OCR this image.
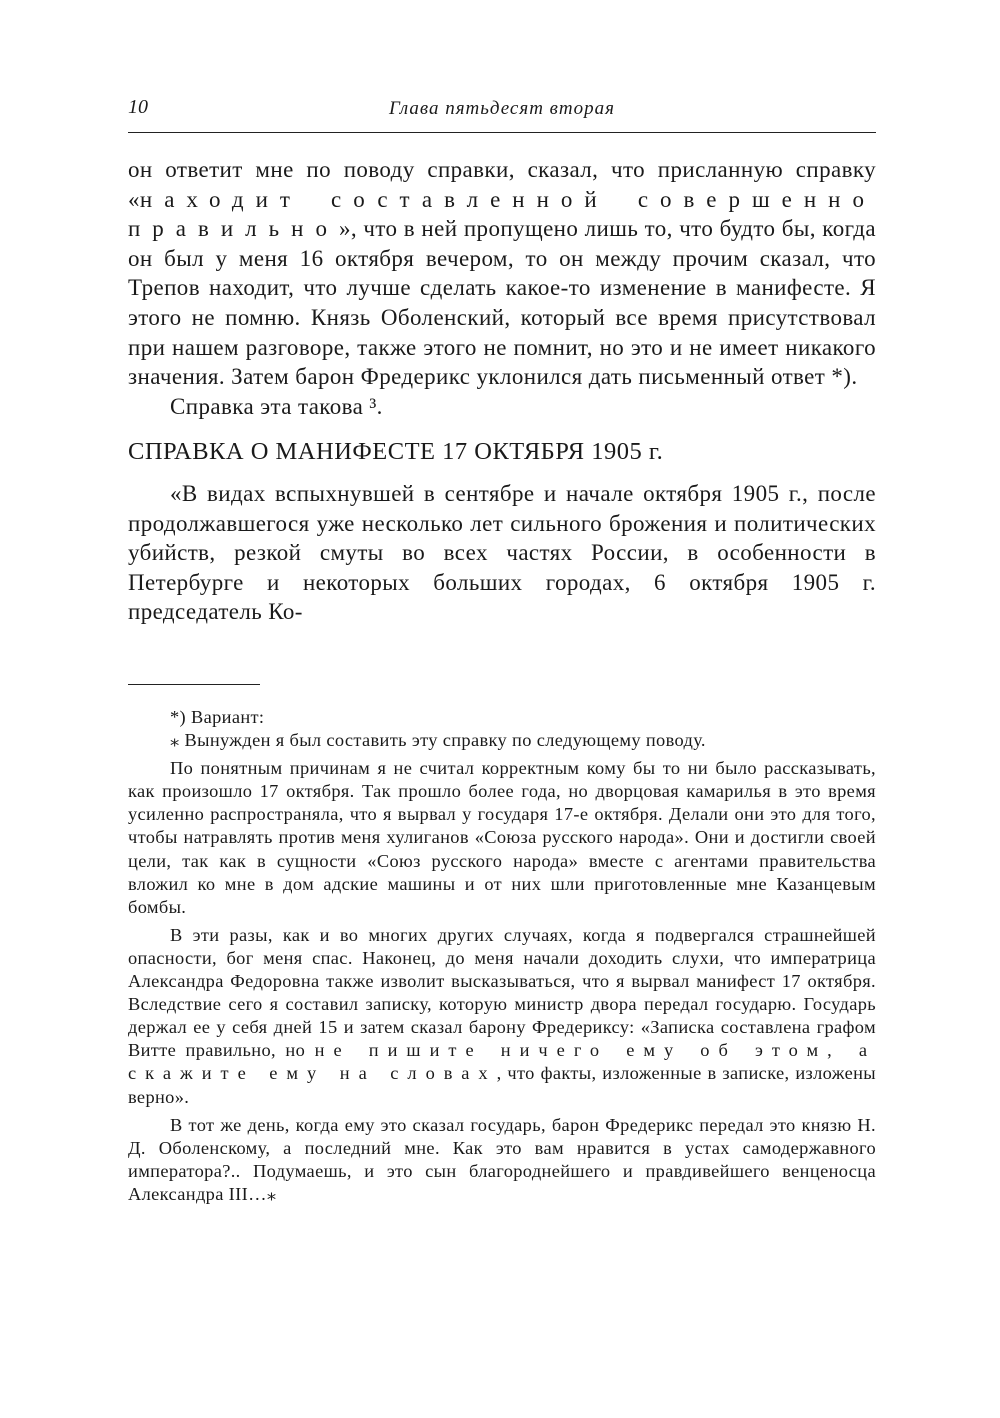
10	Глава пятьдесят вторая

он ответит мне по поводу справки, сказал, что присланную справку «находит составленной совершенно правильно», что в ней пропущено лишь то, что будто бы, когда он был у меня 16 октября вечером, то он между прочим сказал, что Трепов находит, что лучше сделать какое-то изменение в манифесте. Я этого не помню. Князь Оболенский, который все время присутствовал при нашем разговоре, также этого не помнит, но это и не имеет никакого значения. Затем барон Фредерикс уклонился дать письменный ответ *).

Справка эта такова ³.

СПРАВКА О МАНИФЕСТЕ 17 ОКТЯБРЯ 1905 г.

«В видах вспыхнувшей в сентябре и начале октября 1905 г., после продолжавшегося уже несколько лет сильного брожения и политических убийств, резкой смуты во всех частях России, в особенности в Петербурге и некоторых больших городах, 6 октября 1905 г. председатель Ко-

*) Вариант:

⁎ Вынужден я был составить эту справку по следующему поводу.

По понятным причинам я не считал корректным кому бы то ни было рассказывать, как произошло 17 октября. Так прошло более года, но дворцовая камарилья в это время усиленно распространяла, что я вырвал у государя 17-е октября. Делали они это для того, чтобы натравлять против меня хулиганов «Союза русского народа». Они и достигли своей цели, так как в сущности «Союз русского народа» вместе с агентами правительства вложил ко мне в дом адские машины и от них шли приготовленные мне Казанцевым бомбы.

В эти разы, как и во многих других случаях, когда я подвергался страшнейшей опасности, бог меня спас. Наконец, до меня начали доходить слухи, что императрица Александра Федоровна также изволит высказываться, что я вырвал манифест 17 октября. Вследствие сего я составил записку, которую министр двора передал государю. Государь держал ее у себя дней 15 и затем сказал барону Фредериксу: «Записка составлена графом Витте правильно, но не пишите ничего ему об этом, а скажите ему на словах, что факты, изложенные в записке, изложены верно».

В тот же день, когда ему это сказал государь, барон Фредерикс передал это князю Н. Д. Оболенскому, а последний мне. Как это вам нравится в устах самодержавного императора?.. Подумаешь, и это сын благороднейшего и правдивейшего венценосца Александра III…⁎
